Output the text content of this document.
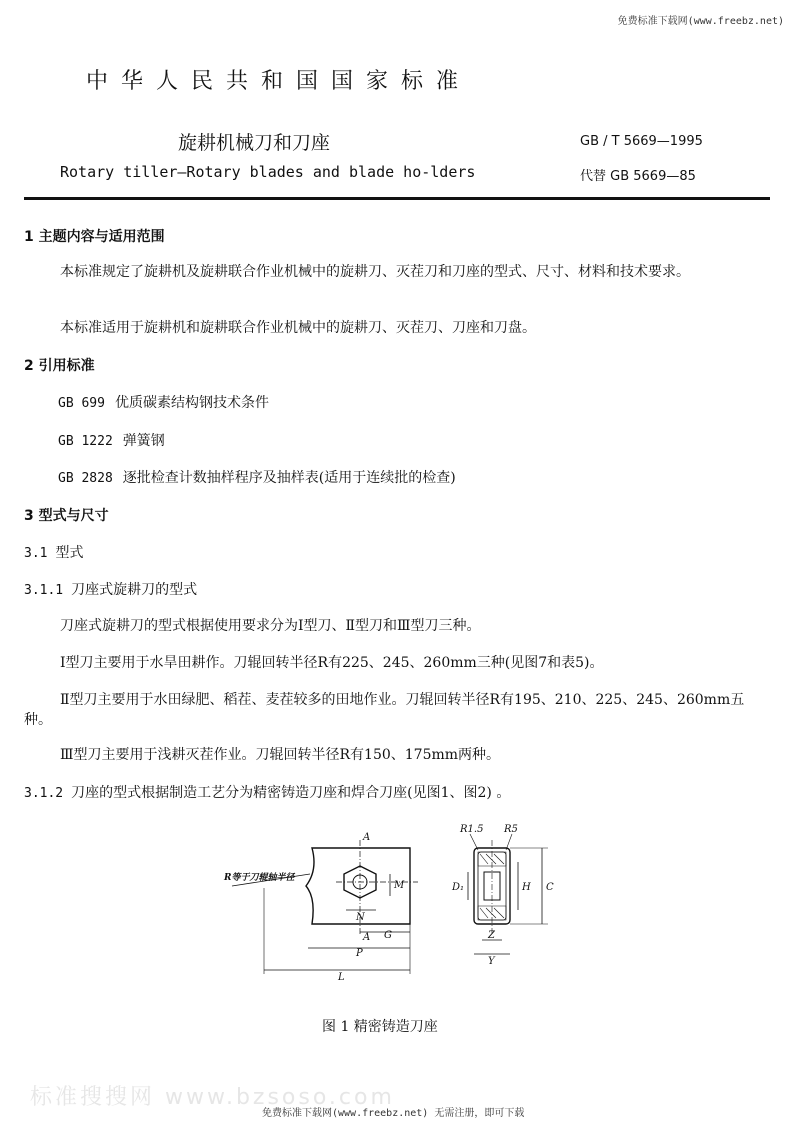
免费标准下载网(www.freebz.net)
中华人民共和国国家标准
旋耕机械刀和刀座
Rotary tiller—Rotary blades and blade ho-lders
GB / T 5669—1995
代替 GB 5669—85
1 主题内容与适用范围
本标准规定了旋耕机及旋耕联合作业机械中的旋耕刀、灭茬刀和刀座的型式、尺寸、材料和技术要求。
本标准适用于旋耕机和旋耕联合作业机械中的旋耕刀、灭茬刀、刀座和刀盘。
2 引用标准
GB 699 优质碳素结构钢技术条件
GB 1222 弹簧钢
GB 2828 逐批检查计数抽样程序及抽样表(适用于连续批的检查)
3 型式与尺寸
3.1 型式
3.1.1 刀座式旋耕刀的型式
刀座式旋耕刀的型式根据使用要求分为Ⅰ型刀、Ⅱ型刀和Ⅲ型刀三种。
Ⅰ型刀主要用于水旱田耕作。刀辊回转半径R有225、245、260mm三种(见图7和表5)。
Ⅱ型刀主要用于水田绿肥、稻茬、麦茬较多的田地作业。刀辊回转半径R有195、210、225、245、260mm五种。
Ⅲ型刀主要用于浅耕灭茬作业。刀辊回转半径R有150、175mm两种。
3.1.2 刀座的型式根据制造工艺分为精密铸造刀座和焊合刀座(见图1、图2) 。
R等于刀辊轴半径
A
A
M
N
G
P
L
R1.5 R5
D₁	H C
Z
Y
图 1 精密铸造刀座
标准搜搜网 www.bzsoso.com
免费标准下载网(www.freebz.net) 无需注册，即可下载
